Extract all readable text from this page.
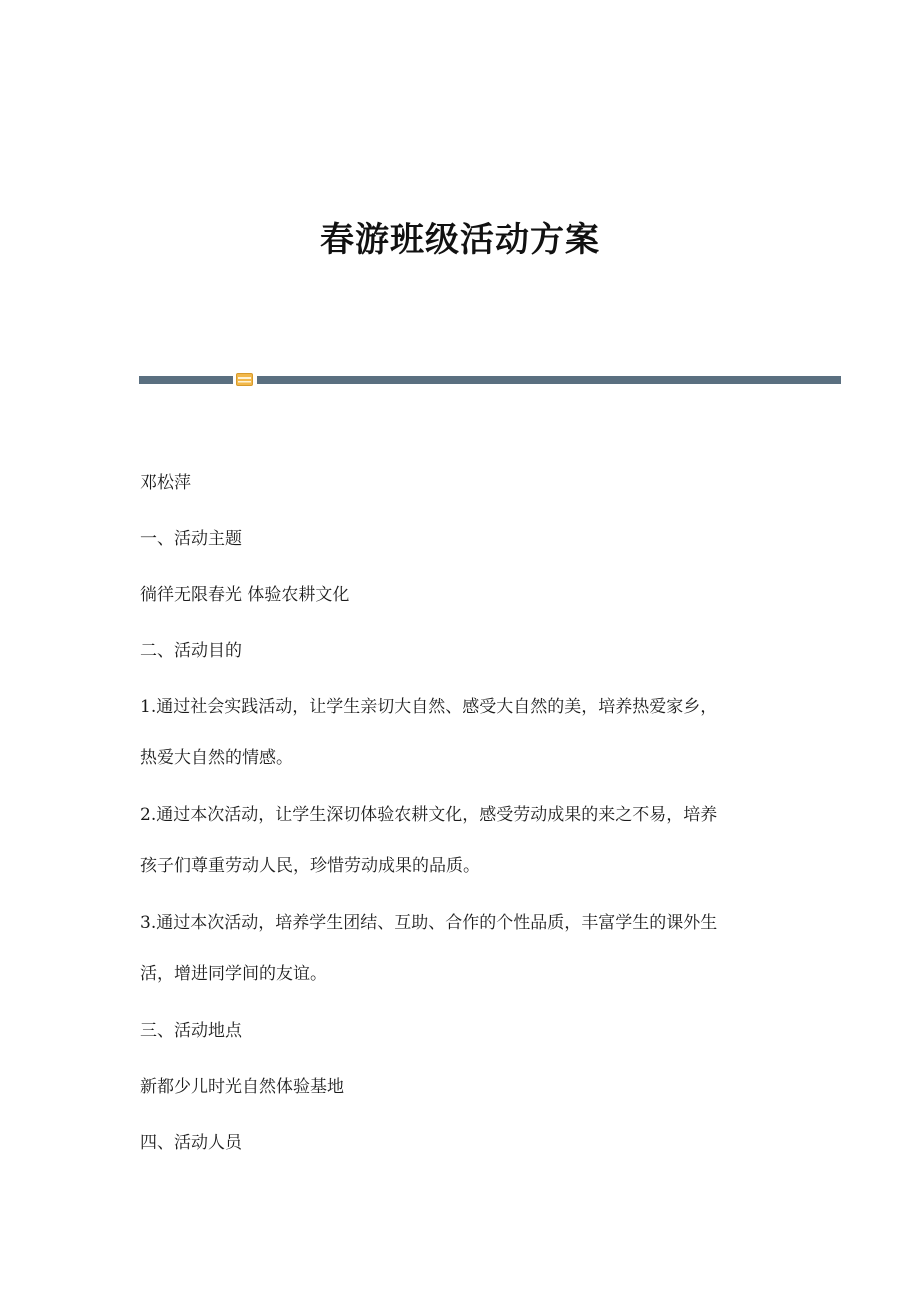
春游班级活动方案

邓松萍

一、活动主题

徜徉无限春光 体验农耕文化

二、活动目的

1.通过社会实践活动，让学生亲切大自然、感受大自然的美，培养热爱家乡，
热爱大自然的情感。

2.通过本次活动，让学生深切体验农耕文化，感受劳动成果的来之不易，培养
孩子们尊重劳动人民，珍惜劳动成果的品质。

3.通过本次活动，培养学生团结、互助、合作的个性品质，丰富学生的课外生
活，增进同学间的友谊。

三、活动地点

新都少儿时光自然体验基地

四、活动人员
